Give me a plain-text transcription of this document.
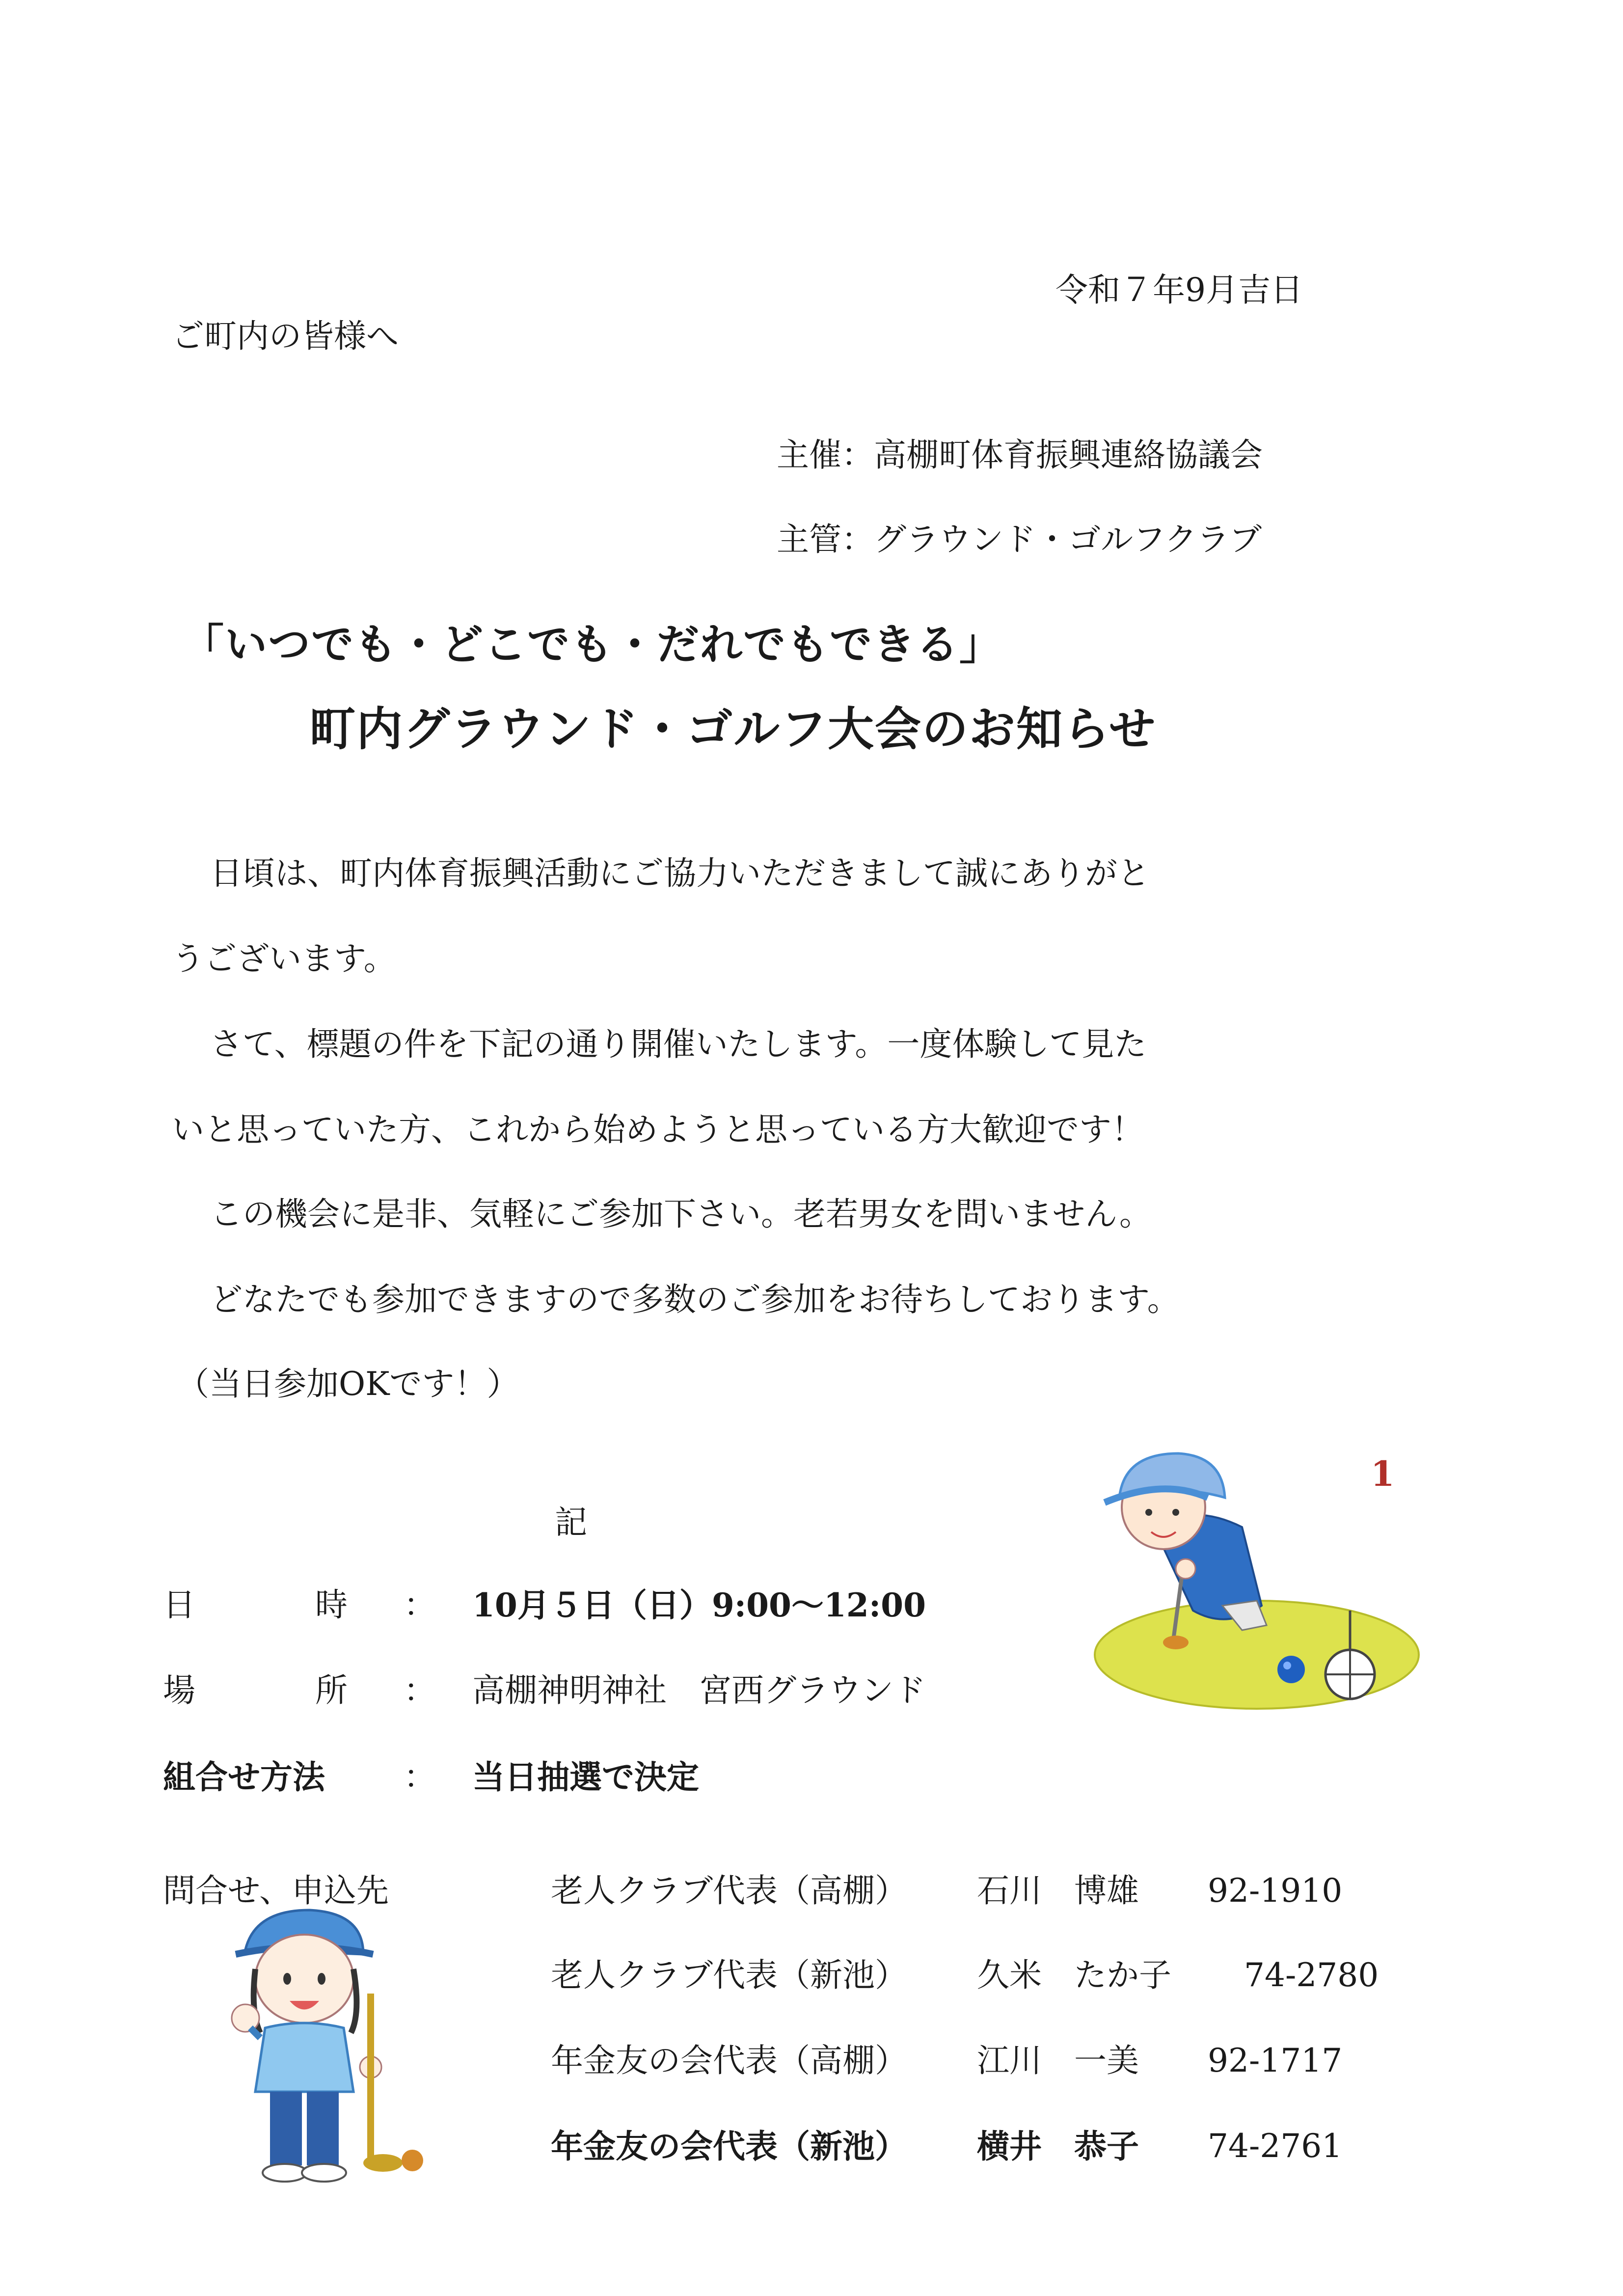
令和７年9月吉日
ご町内の皆様へ
主催：高棚町体育振興連絡協議会
主管：グラウンド・ゴルフクラブ
「いつでも・どこでも・だれでもできる」
町内グラウンド・ゴルフ大会のお知らせ
日頃は、町内体育振興活動にご協力いただきまして誠にありがと
うございます。
さて、標題の件を下記の通り開催いたします。一度体験して見た
いと思っていた方、これから始めようと思っている方大歓迎です！
この機会に是非、気軽にご参加下さい。老若男女を問いません。
どなたでも参加できますので多数のご参加をお待ちしております。
（当日参加OKです！）
記
日	時 ： 10月５日（日）9:00～12:00
場	所 ： 高棚神明神社　宮西グラウンド
組合せ方法 ： 当日抽選で決定
問合せ、申込先	老人クラブ代表（高棚） 石川　博雄 92-1910
老人クラブ代表（新池） 久米　たか子 74-2780
年金友の会代表（高棚） 江川　一美 92-1717
年金友の会代表（新池） 横井　恭子 74-2761
1
